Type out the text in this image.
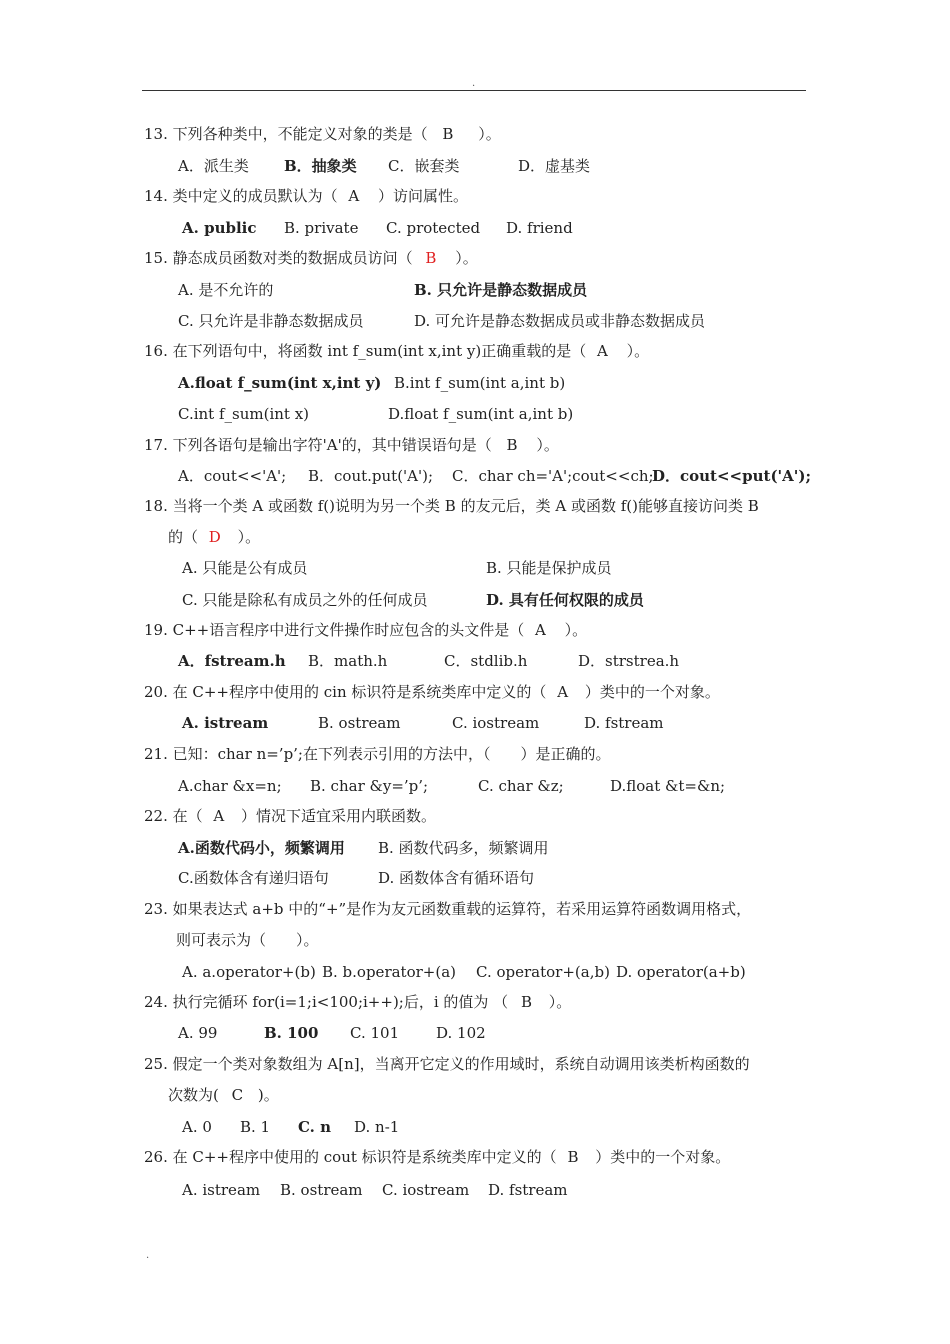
.
13. 下列各种类中，不能定义对象的类是（ B ）。
A．派生类 B．抽象类 C．嵌套类	D．虚基类
14. 类中定义的成员默认为（ A ）访问属性。
A. public B. private C. protected D. friend
15. 静态成员函数对类的数据成员访问（ B ）。
A. 是不允许的	B. 只允许是静态数据成员
C. 只允许是非静态数据成员	D. 可允许是静态数据成员或非静态数据成员
16. 在下列语句中，将函数 int f_sum(int x,int y)正确重载的是（ A ）。
A.float f_sum(int x,int y) B.int f_sum(int a,int b)
C.int f_sum(int x)	D.float f_sum(int a,int b)
17. 下列各语句是输出字符'A'的，其中错误语句是（ B ）。
A．cout<<'A'; B．cout.put('A'); C．char ch='A';cout<<ch;
D．cout<<put('A');
18. 当将一个类 A 或函数 f()说明为另一个类 B 的友元后，类 A 或函数 f()能够直接访问类 B
的（ D ）。
A. 只能是公有成员	B. 只能是保护成员
C. 只能是除私有成员之外的任何成员	D. 具有任何权限的成员
19. C++语言程序中进行文件操作时应包含的头文件是（ A ）。
A．fstream.h B．math.h	C．stdlib.h	D．strstrea.h
20. 在 C++程序中使用的 cin 标识符是系统类库中定义的（ A ）类中的一个对象。
A. istream	B. ostream	C. iostream	D. fstream
21. 已知：char n=’p’;在下列表示引用的方法中，（　　）是正确的。
A.char &x=n; B. char &y=’p’;	C. char &z;	D.float &t=&n;
22. 在（ A ）情况下适宜采用内联函数。
A.函数代码小，频繁调用 B. 函数代码多，频繁调用
C.函数体含有递归语句	D. 函数体含有循环语句
23. 如果表达式 a+b 中的“+”是作为友元函数重载的运算符，若采用运算符函数调用格式，
则可表示为（　　）。
A. a.operator+(b) B. b.operator+(a) C. operator+(a,b) D. operator(a+b)
24. 执行完循环 for(i=1;i<100;i++);后，i 的值为 （ B ）。
A. 99	B. 100 C. 101 D. 102
25. 假定一个类对象数组为 A[n]，当离开它定义的作用域时，系统自动调用该类析构函数的
次数为( C )。
A. 0 B. 1 C. n D. n-1
26. 在 C++程序中使用的 cout 标识符是系统类库中定义的（ B ）类中的一个对象。
A. istream B. ostream C. iostream D. fstream
.
